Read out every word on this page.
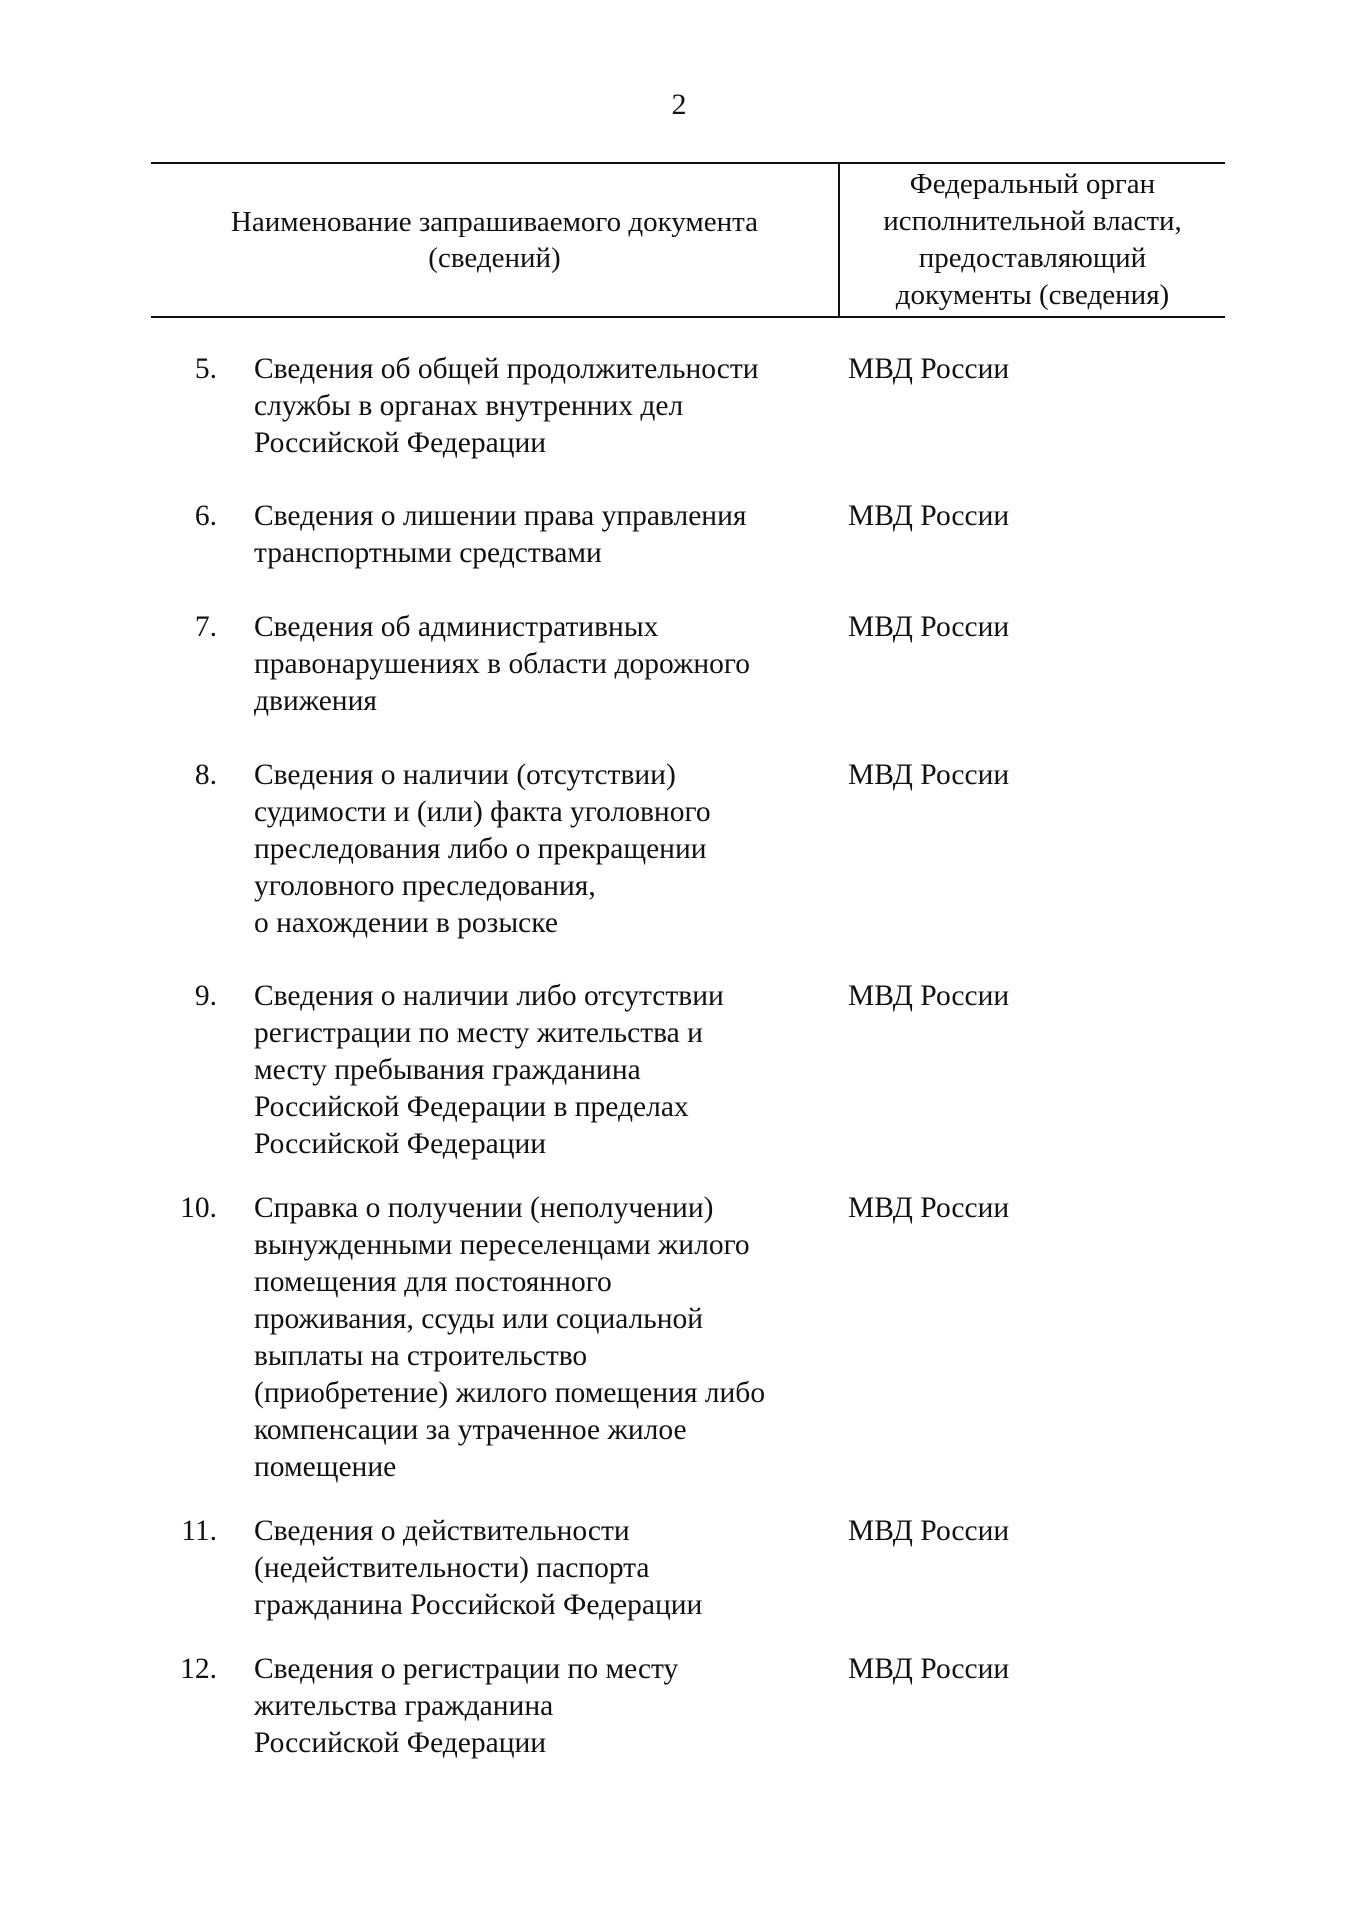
2
Наименование запрашиваемого документа
(сведений)
Федеральный орган
исполнительной власти,
предоставляющий
документы (сведения)
5. Сведения об общей продолжительности
службы в органах внутренних дел
Российской Федерации
МВД России
6. Сведения о лишении права управления
транспортными средствами
МВД России
7. Сведения об административных
правонарушениях в области дорожного
движения
МВД России
8. Сведения о наличии (отсутствии)
судимости и (или) факта уголовного
преследования либо о прекращении
уголовного преследования,
о нахождении в розыске
МВД России
9. Сведения о наличии либо отсутствии
регистрации по месту жительства и
месту пребывания гражданина
Российской Федерации в пределах
Российской Федерации
МВД России
10. Справка о получении (неполучении)
вынужденными переселенцами жилого
помещения для постоянного
проживания, ссуды или социальной
выплаты на строительство
(приобретение) жилого помещения либо
компенсации за утраченное жилое
помещение
МВД России
11. Сведения о действительности
(недействительности) паспорта
гражданина Российской Федерации
МВД России
12. Сведения о регистрации по месту
жительства гражданина
Российской Федерации
МВД России
